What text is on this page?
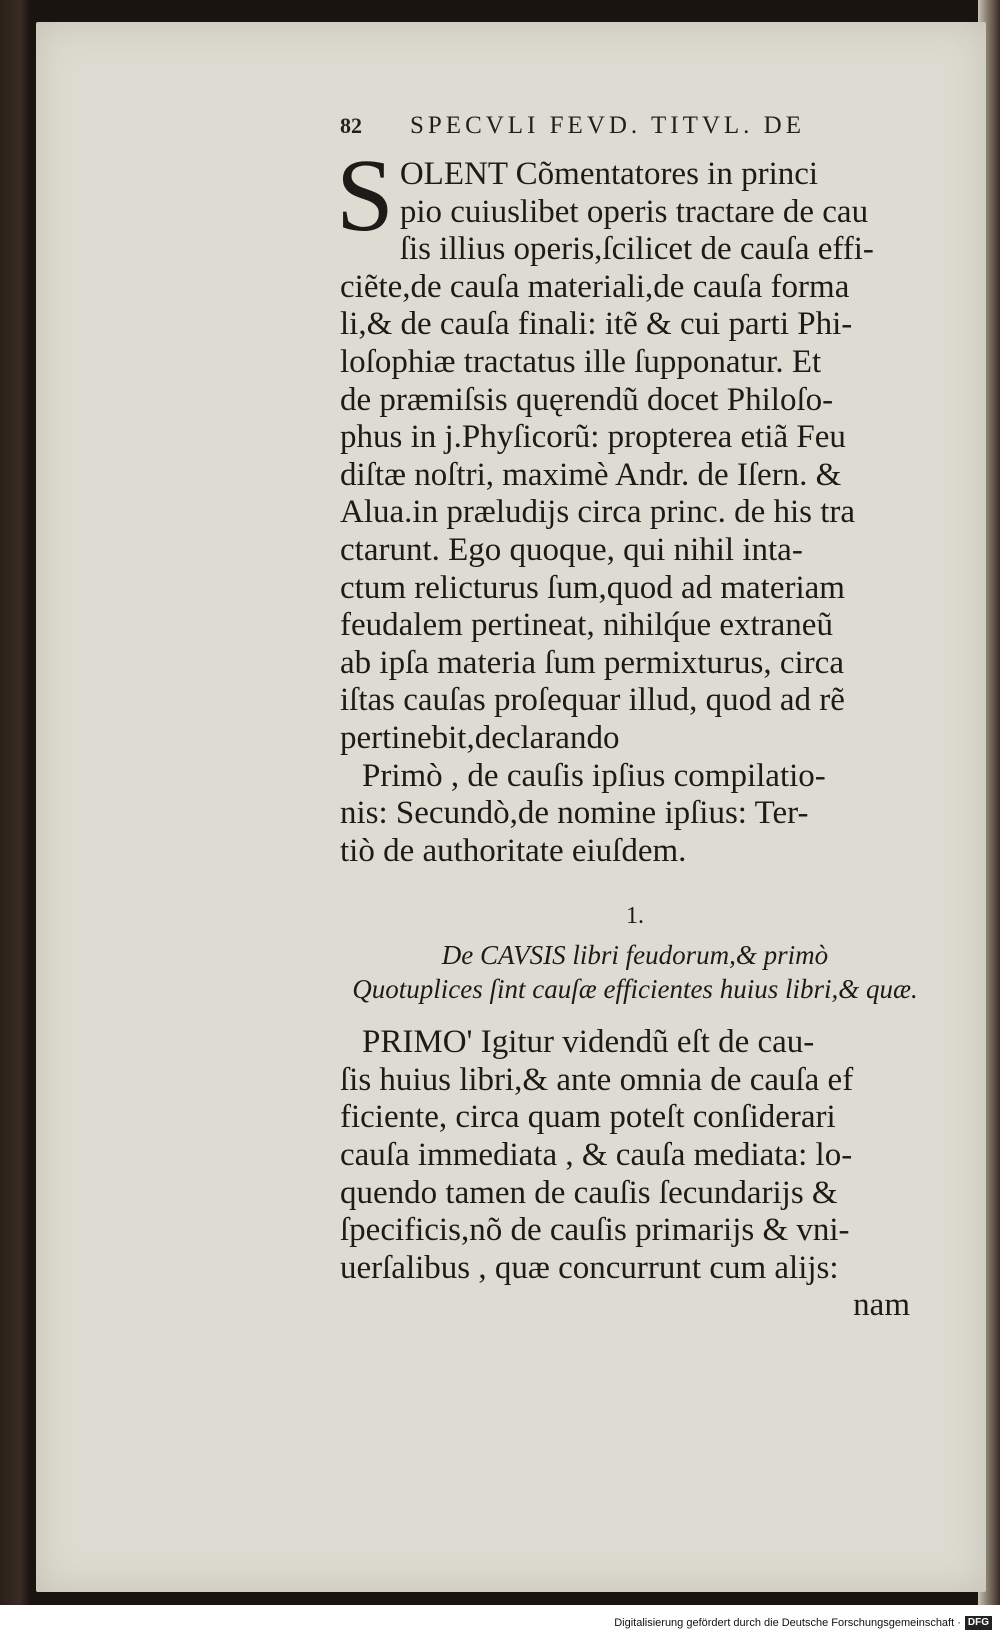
82 SPECVLI FEVD. TITVL. DE
S OLENT Cõmentatores in princi
pio cuiuslibet operis tractare de cau
ſis illius operis,ſcilicet de cauſa effi-
ciẽte,de cauſa materiali,de cauſa forma
li,& de cauſa finali: itẽ & cui parti Phi-
loſophiæ tractatus ille ſupponatur. Et
de præmiſsis quęrendũ docet Philoſo-
phus in j.Phyſicorũ: propterea etiã Feu
diſtæ noſtri, maximè Andr. de Iſern. &
Alua.in præludijs circa princ. de his tra
ctarunt. Ego quoque, qui nihil inta-
ctum relicturus ſum,quod ad materiam
feudalem pertineat, nihilq́ue extraneũ
ab ipſa materia ſum permixturus, circa
iſtas cauſas proſequar illud, quod ad rẽ
pertinebit,declarando
Primò , de cauſis ipſius compilatio-
nis: Secundò,de nomine ipſius: Ter-
tiò de authoritate eiuſdem.
1.
De CAVSIS libri feudorum,& primò
Quotuplices ſint cauſæ efficientes huius libri,& quæ.
PRIMO' Igitur videndũ eſt de cau-
ſis huius libri,& ante omnia de cauſa ef
ficiente, circa quam poteſt conſiderari
cauſa immediata , & cauſa mediata: lo-
quendo tamen de cauſis ſecundarijs &
ſpecificis,nõ de cauſis primarijs & vni-
uerſalibus , quæ concurrunt cum alijs:
nam
Digitalisierung gefördert durch die Deutsche Forschungsgemeinschaft · DFG
